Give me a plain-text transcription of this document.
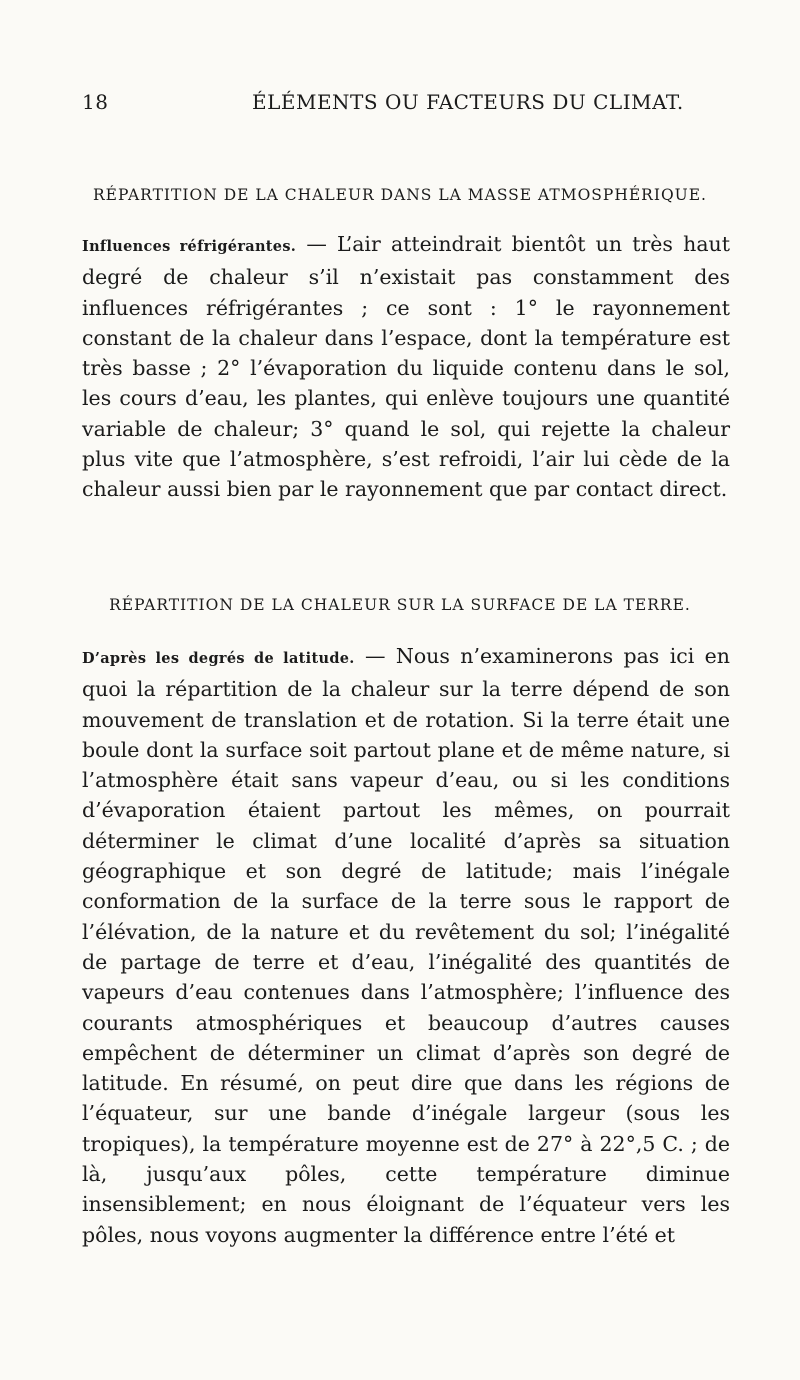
18	ÉLÉMENTS OU FACTEURS DU CLIMAT.
RÉPARTITION DE LA CHALEUR DANS LA MASSE ATMOSPHÉRIQUE.

Influences réfrigérantes. — L’air atteindrait bientôt un très haut degré de chaleur s’il n’existait pas constamment des influences réfrigérantes ; ce sont : 1° le rayonnement constant de la chaleur dans l’espace, dont la température est très basse ; 2° l’évaporation du liquide contenu dans le sol, les cours d’eau, les plantes, qui enlève toujours une quantité variable de chaleur; 3° quand le sol, qui rejette la chaleur plus vite que l’atmosphère, s’est refroidi, l’air lui cède de la chaleur aussi bien par le rayonnement que par contact direct.

RÉPARTITION DE LA CHALEUR SUR LA SURFACE DE LA TERRE.

D’après les degrés de latitude. — Nous n’examinerons pas ici en quoi la répartition de la chaleur sur la terre dépend de son mouvement de translation et de rotation. Si la terre était une boule dont la surface soit partout plane et de même nature, si l’atmosphère était sans vapeur d’eau, ou si les conditions d’évaporation étaient partout les mêmes, on pourrait déterminer le climat d’une localité d’après sa situation géographique et son degré de latitude; mais l’inégale conformation de la surface de la terre sous le rapport de l’élévation, de la nature et du revêtement du sol; l’inégalité de partage de terre et d’eau, l’inégalité des quantités de vapeurs d’eau contenues dans l’atmosphère; l’influence des courants atmosphériques et beaucoup d’autres causes empêchent de déterminer un climat d’après son degré de latitude. En résumé, on peut dire que dans les régions de l’équateur, sur une bande d’inégale largeur (sous les tropiques), la température moyenne est de 27° à 22°,5 C. ; de là, jusqu’aux pôles, cette température diminue insensiblement; en nous éloignant de l’équateur vers les pôles, nous voyons augmenter la différence entre l’été et
